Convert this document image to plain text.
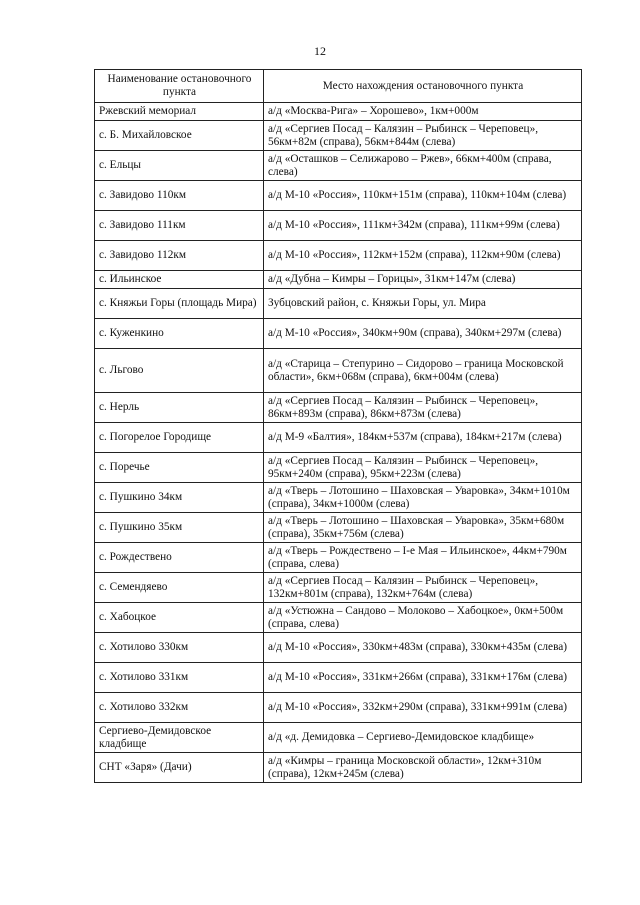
12
Наименование остановочного пункта	Место нахождения остановочного пункта
Ржевский мемориал	а/д «Москва-Рига» – Хорошево», 1км+000м
с. Б. Михайловское	а/д «Сергиев Посад – Калязин – Рыбинск – Череповец», 56км+82м (справа), 56км+844м (слева)
с. Ельцы	а/д «Осташков – Селижарово – Ржев», 66км+400м (справа, слева)
с. Завидово 110км	а/д М-10 «Россия», 110км+151м (справа), 110км+104м (слева)
с. Завидово 111км	а/д М-10 «Россия», 111км+342м (справа), 111км+99м (слева)
с. Завидово 112км	а/д М-10 «Россия», 112км+152м (справа), 112км+90м (слева)
с. Ильинское	а/д «Дубна – Кимры – Горицы», 31км+147м (слева)
с. Княжьи Горы (площадь Мира)	Зубцовский район, с. Княжьи Горы, ул. Мира
с. Куженкино	а/д М-10 «Россия», 340км+90м (справа), 340км+297м (слева)
с. Льгово	а/д «Старица – Степурино – Сидорово – граница Московской области», 6км+068м (справа), 6км+004м (слева)
с. Нерль	а/д «Сергиев Посад – Калязин – Рыбинск – Череповец», 86км+893м (справа), 86км+873м (слева)
с. Погорелое Городище	а/д М-9 «Балтия», 184км+537м (справа), 184км+217м (слева)
с. Поречье	а/д «Сергиев Посад – Калязин – Рыбинск – Череповец», 95км+240м (справа), 95км+223м (слева)
с. Пушкино 34км	а/д «Тверь – Лотошино – Шаховская – Уваровка», 34км+1010м (справа), 34км+1000м (слева)
с. Пушкино 35км	а/д «Тверь – Лотошино – Шаховская – Уваровка», 35км+680м (справа), 35км+756м (слева)
с. Рождествено	а/д «Тверь – Рождествено – I-е Мая – Ильинское», 44км+790м (справа, слева)
с. Семендяево	а/д «Сергиев Посад – Калязин – Рыбинск – Череповец», 132км+801м (справа), 132км+764м (слева)
с. Хабоцкое	а/д «Устюжна – Сандово – Молоково – Хабоцкое», 0км+500м (справа, слева)
с. Хотилово 330км	а/д М-10 «Россия», 330км+483м (справа), 330км+435м (слева)
с. Хотилово 331км	а/д М-10 «Россия», 331км+266м (справа), 331км+176м (слева)
с. Хотилово 332км	а/д М-10 «Россия», 332км+290м (справа), 331км+991м (слева)
Сергиево-Демидовское кладбище	а/д «д. Демидовка – Сергиево-Демидовское кладбище»
СНТ «Заря» (Дачи)	а/д «Кимры – граница Московской области», 12км+310м (справа), 12км+245м (слева)
